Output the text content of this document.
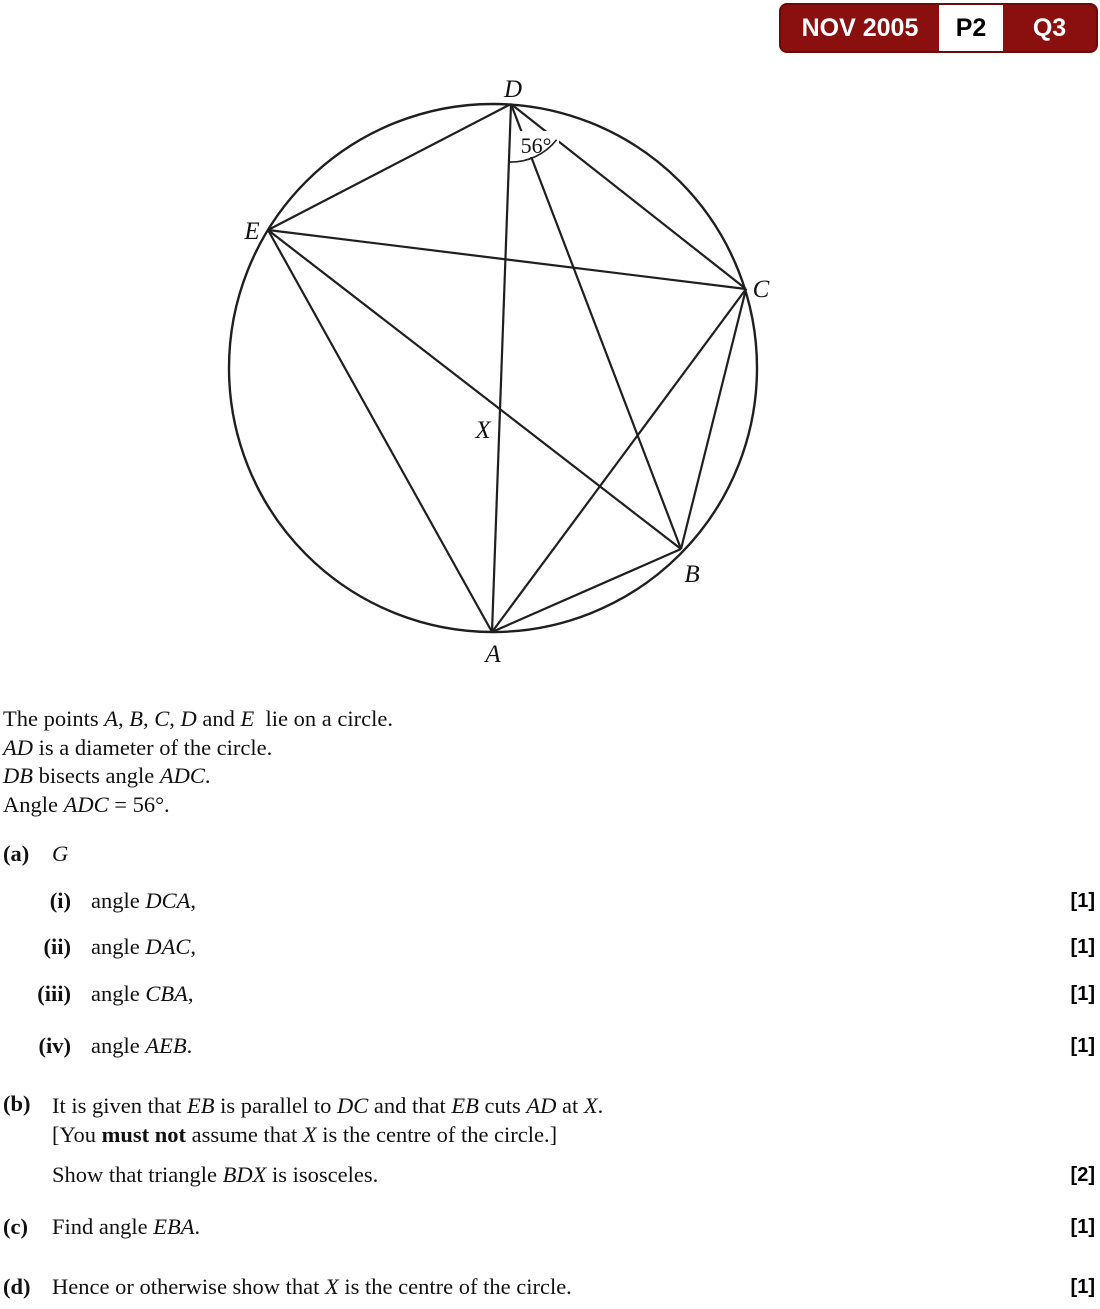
NOV 2005	P2	Q3
56°
D
E
C
B
A
X
The points A, B, C, D and E  lie on a circle.
AD is a diameter of the circle.
DB bisects angle ADC.
Angle ADC = 56°.
(a) G
(i) angle DCA,	[1]
(ii) angle DAC,	[1]
(iii) angle CBA,	[1]
(iv) angle AEB.	[1]
(b) It is given that EB is parallel to DC and that EB cuts AD at X.
[You must not assume that X is the centre of the circle.]
Show that triangle BDX is isosceles.	[2]
(c) Find angle EBA.	[1]
(d) Hence or otherwise show that X is the centre of the circle.	[1]
